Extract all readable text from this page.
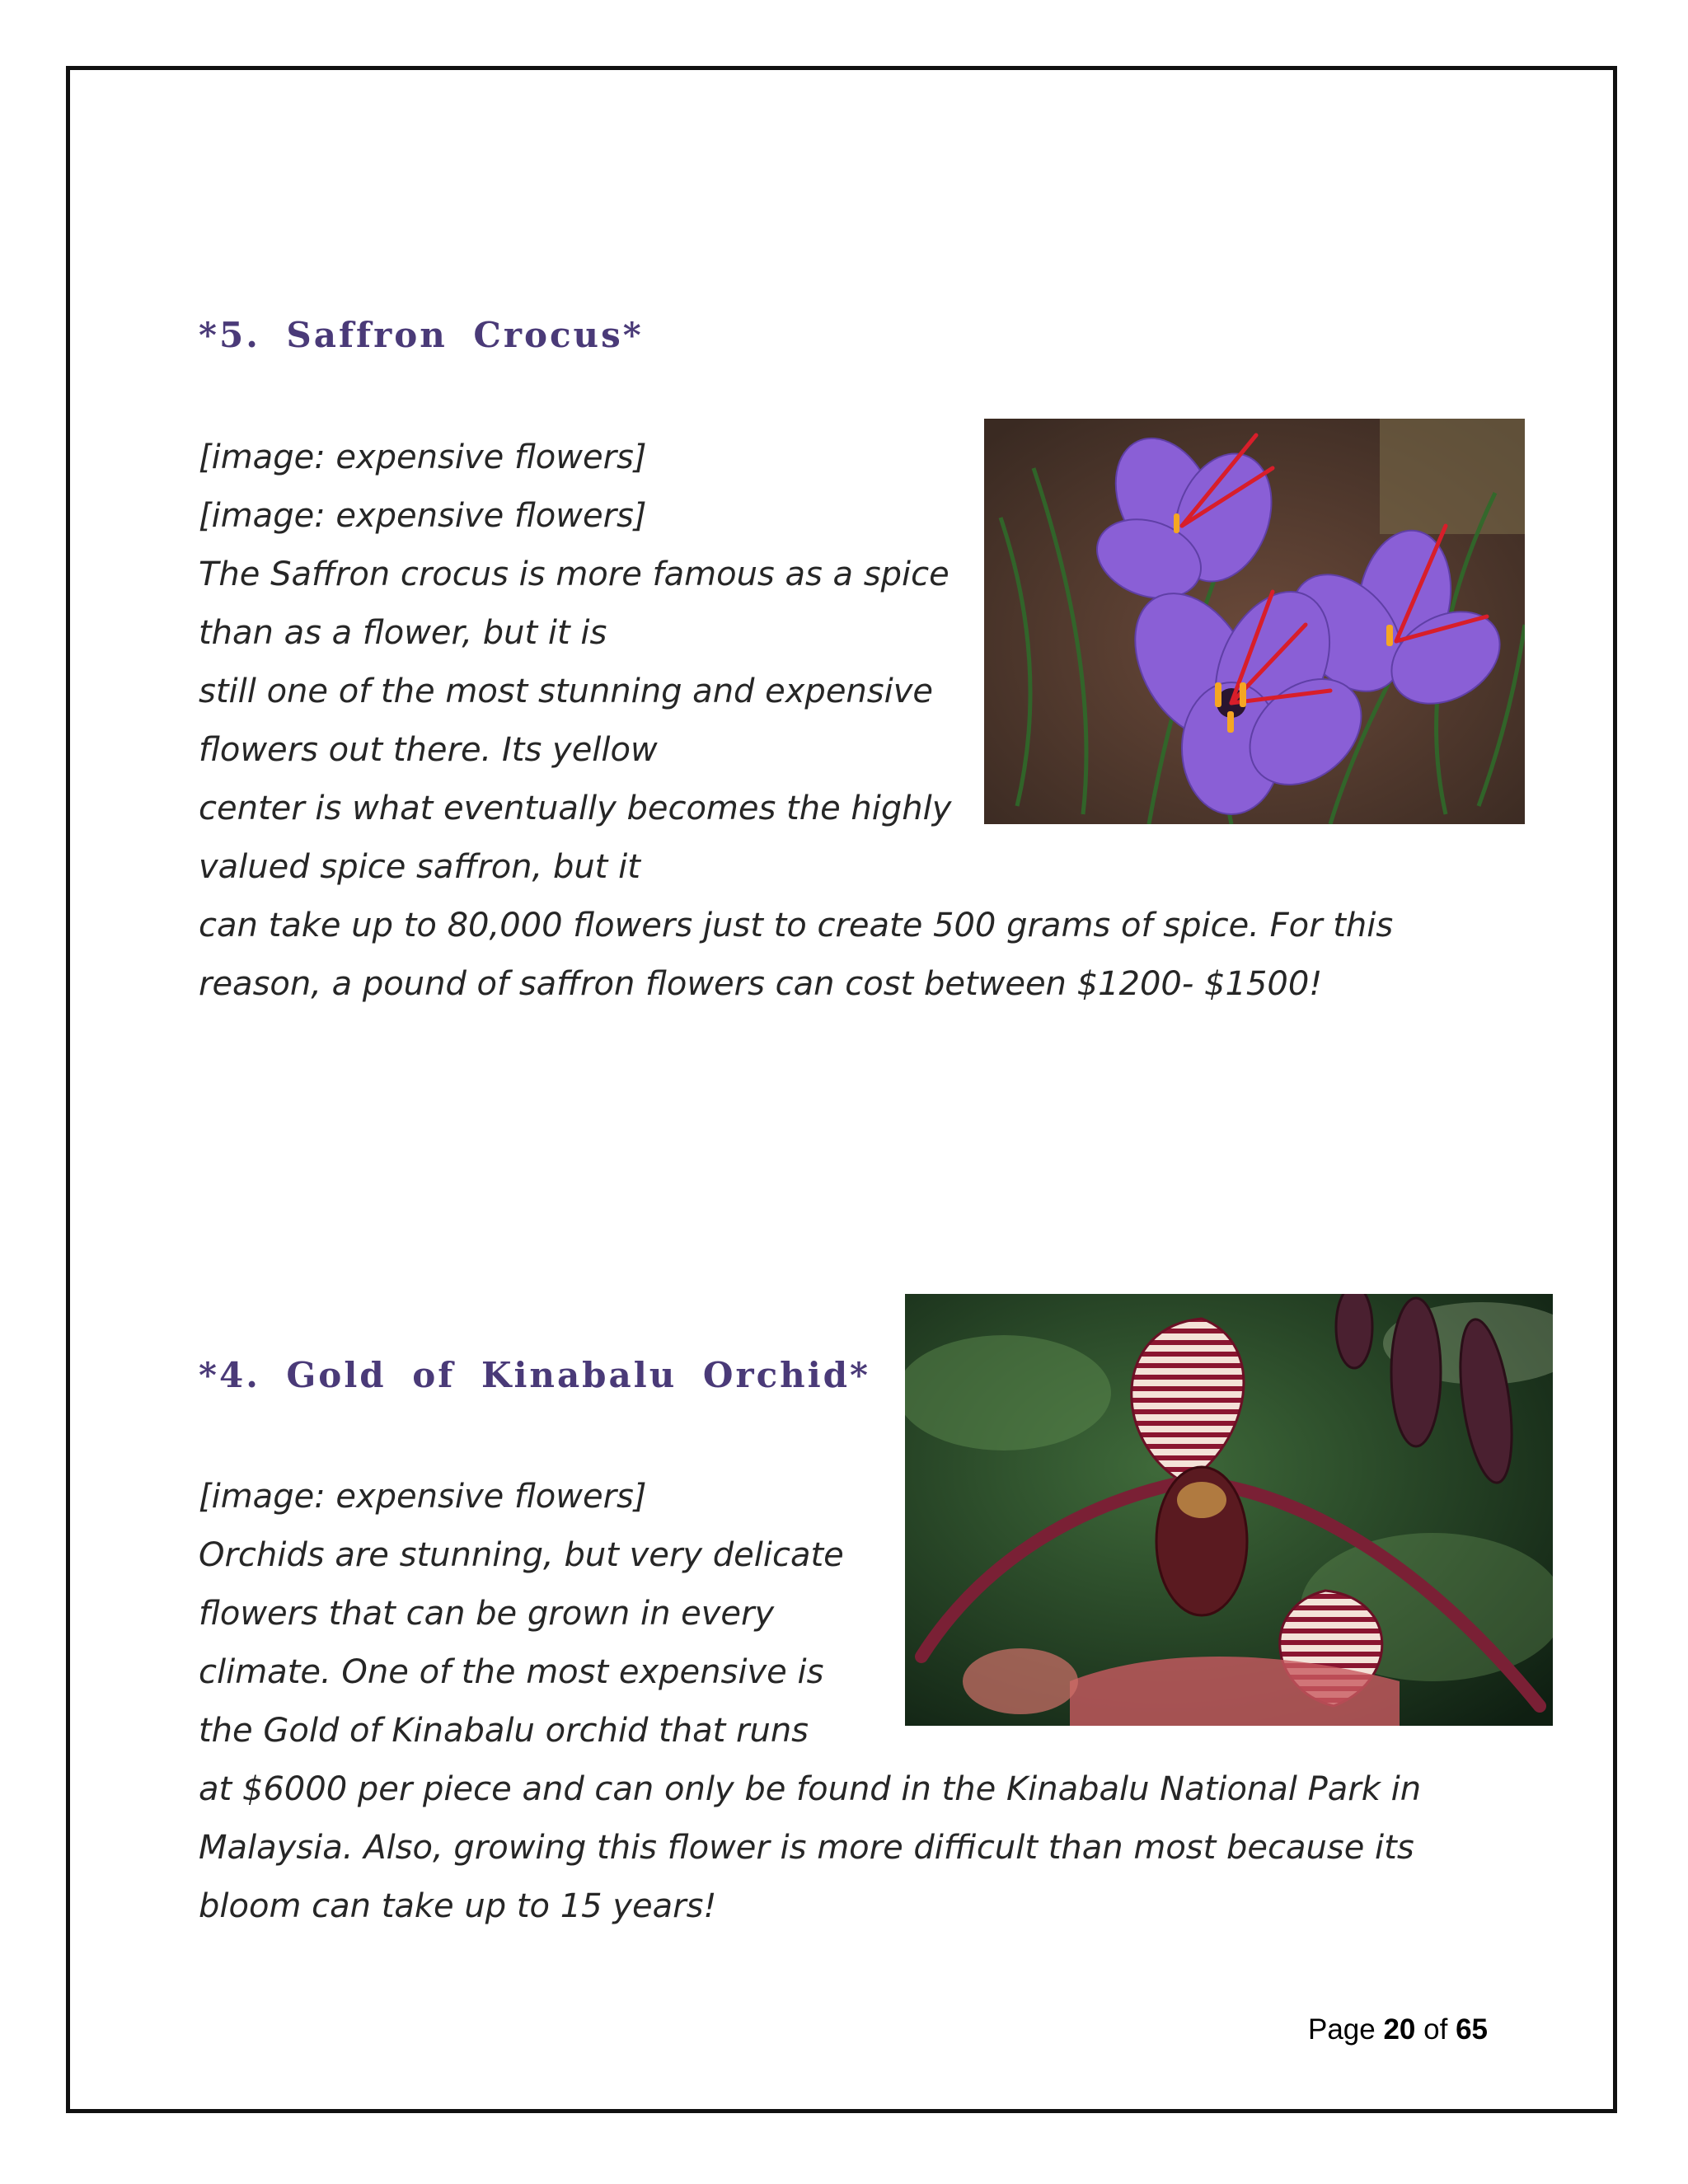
*5. Saffron Crocus*
[image: expensive flowers]
[image: expensive flowers]
The Saffron crocus is more famous as a spice
than as a flower, but it is
still one of the most stunning and expensive
flowers out there. Its yellow
center is what eventually becomes the highly
valued spice saffron, but it
can take up to 80,000 flowers just to create 500 grams of spice. For this
reason, a pound of saffron flowers can cost between $1200- $1500!
*4. Gold of Kinabalu Orchid*
[image: expensive flowers]
Orchids are stunning, but very delicate
flowers that can be grown in every
climate. One of the most expensive is
the Gold of Kinabalu orchid that runs
at $6000 per piece and can only be found in the Kinabalu National Park in
Malaysia. Also, growing this flower is more difficult than most because its
bloom can take up to 15 years!
Page 20 of 65
